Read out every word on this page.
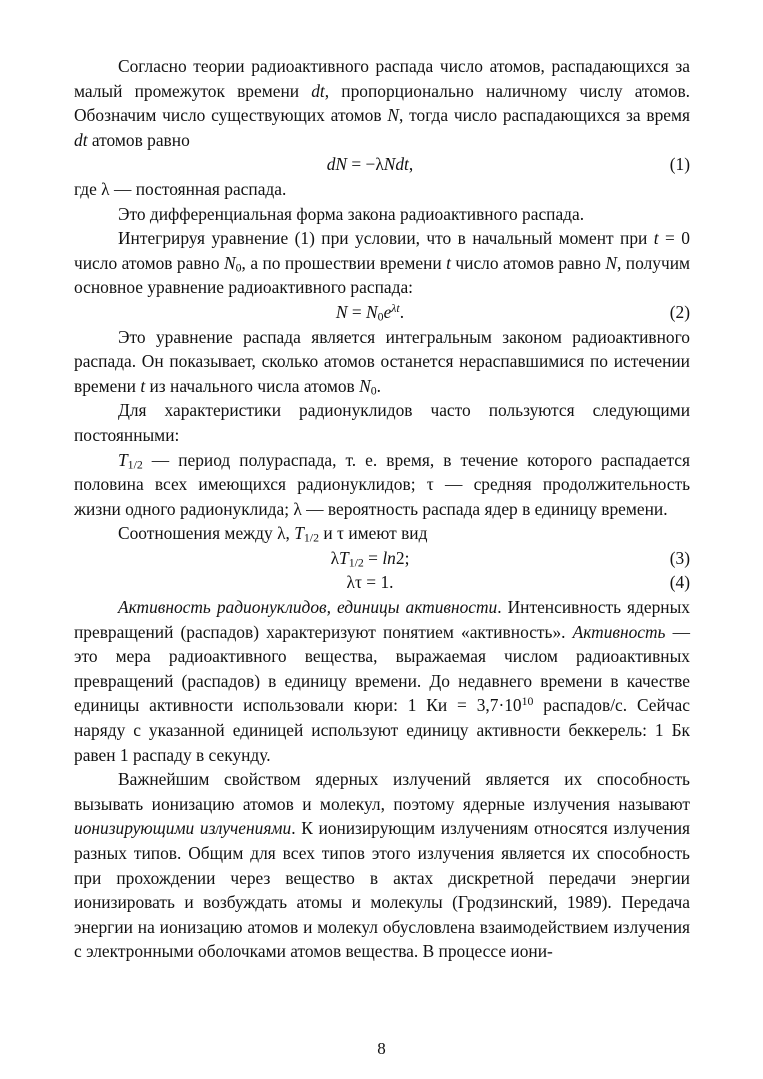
Согласно теории радиоактивного распада число атомов, распадающихся за малый промежуток времени dt, пропорционально наличному числу атомов. Обозначим число существующих атомов N, тогда число распадающихся за время dt атомов равно

dN = −λNdt,	(1)

где λ — постоянная распада.

Это дифференциальная форма закона радиоактивного распада.

Интегрируя уравнение (1) при условии, что в начальный момент при t = 0 число атомов равно $N_0$, а по прошествии времени t число атомов равно N, получим основное уравнение радиоактивного распада:

$N = N_0e^{\lambda t}$.	(2)

Это уравнение распада является интегральным законом радиоактивного распада. Он показывает, сколько атомов останется нераспавшимися по истечении времени t из начального числа атомов $N_0$.

Для характеристики радионуклидов часто пользуются следующими постоянными:

$T_{1/2}$ — период полураспада, т. е. время, в течение которого распадается половина всех имеющихся радионуклидов; τ — средняя продолжительность жизни одного радионуклида; λ — вероятность распада ядер в единицу времени.

Соотношения между λ, $T_{1/2}$ и τ имеют вид

$\lambda T_{1/2} = \ln 2$;	(3)
λτ = 1.	(4)

Активность радионуклидов, единицы активности. Интенсивность ядерных превращений (распадов) характеризуют понятием «активность». Активность — это мера радиоактивного вещества, выражаемая числом радиоактивных превращений (распадов) в единицу времени. До недавнего времени в качестве единицы активности использовали кюри: 1 Ки = $3,7\cdot 10^{10}$ распадов/с. Сейчас наряду с указанной единицей используют единицу активности беккерель: 1 Бк равен 1 распаду в секунду.

Важнейшим свойством ядерных излучений является их способность вызывать ионизацию атомов и молекул, поэтому ядерные излучения называют ионизирующими излучениями. К ионизирующим излучениям относятся излучения разных типов. Общим для всех типов этого излучения является их способность при прохождении через вещество в актах дискретной передачи энергии ионизировать и возбуждать атомы и молекулы (Гродзинский, 1989). Передача энергии на ионизацию атомов и молекул обусловлена взаимодействием излучения с электронными оболочками атомов вещества. В процессе иони-

8
